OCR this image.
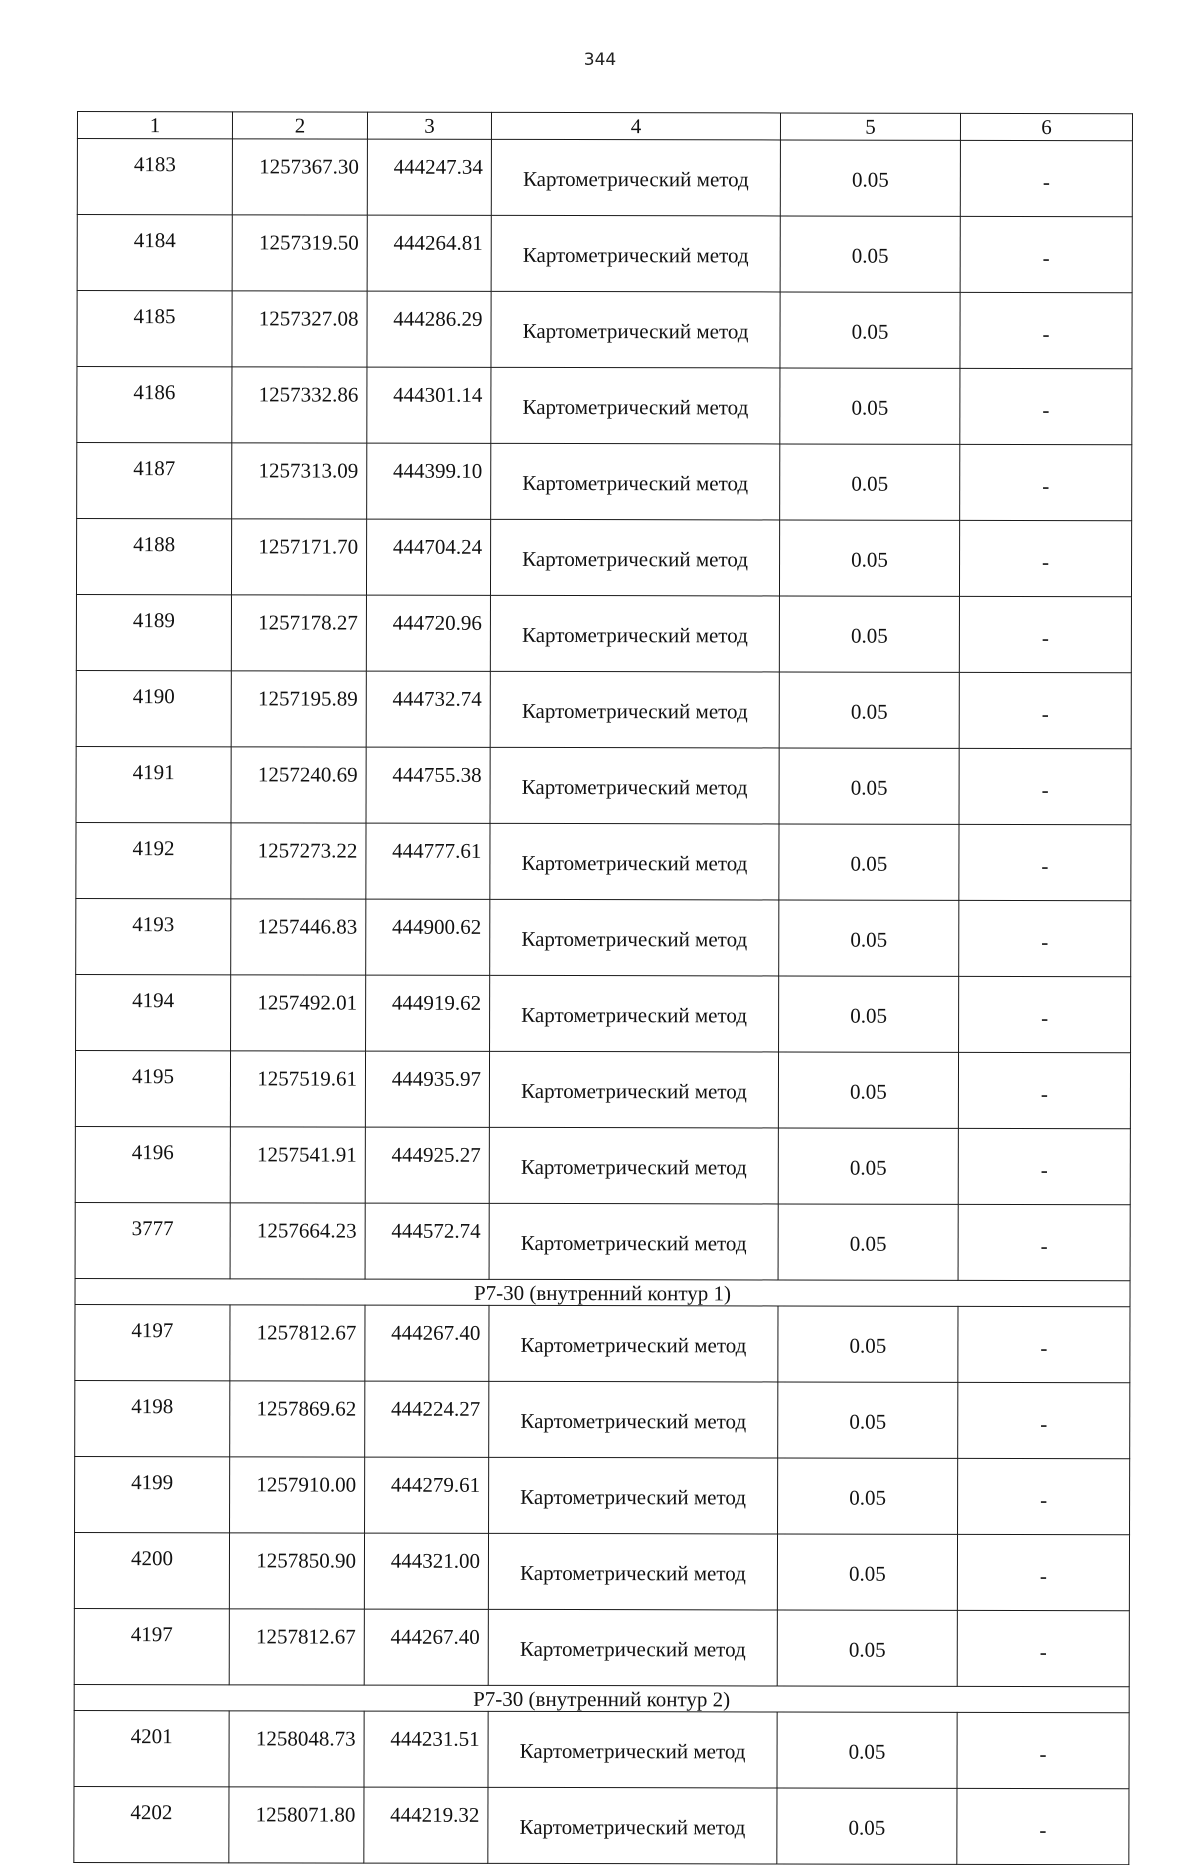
344
1	2	3	4	5	6
4183	1257367.30	444247.34	Картометрический метод	0.05	-
4184	1257319.50	444264.81	Картометрический метод	0.05	-
4185	1257327.08	444286.29	Картометрический метод	0.05	-
4186	1257332.86	444301.14	Картометрический метод	0.05	-
4187	1257313.09	444399.10	Картометрический метод	0.05	-
4188	1257171.70	444704.24	Картометрический метод	0.05	-
4189	1257178.27	444720.96	Картометрический метод	0.05	-
4190	1257195.89	444732.74	Картометрический метод	0.05	-
4191	1257240.69	444755.38	Картометрический метод	0.05	-
4192	1257273.22	444777.61	Картометрический метод	0.05	-
4193	1257446.83	444900.62	Картометрический метод	0.05	-
4194	1257492.01	444919.62	Картометрический метод	0.05	-
4195	1257519.61	444935.97	Картометрический метод	0.05	-
4196	1257541.91	444925.27	Картометрический метод	0.05	-
3777	1257664.23	444572.74	Картометрический метод	0.05	-
Р7-30 (внутренний контур 1)					
4197	1257812.67	444267.40	Картометрический метод	0.05	-
4198	1257869.62	444224.27	Картометрический метод	0.05	-
4199	1257910.00	444279.61	Картометрический метод	0.05	-
4200	1257850.90	444321.00	Картометрический метод	0.05	-
4197	1257812.67	444267.40	Картометрический метод	0.05	-
Р7-30 (внутренний контур 2)					
4201	1258048.73	444231.51	Картометрический метод	0.05	-
4202	1258071.80	444219.32	Картометрический метод	0.05	-
